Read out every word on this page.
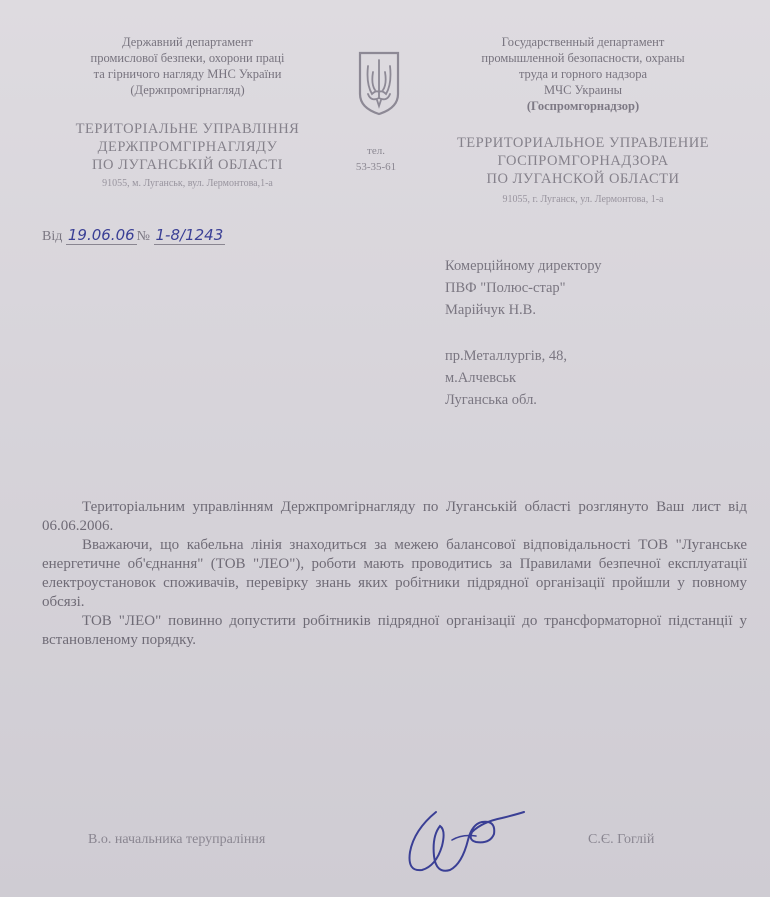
Державний департамент
промислової безпеки, охорони праці
та гірничого нагляду МНС України
(Держпромгірнагляд)
ТЕРИТОРІАЛЬНЕ УПРАВЛІННЯ
ДЕРЖПРОМГІРНАГЛЯДУ
ПО ЛУГАНСЬКІЙ ОБЛАСТІ
91055, м. Луганськ, вул. Лермонтова,1-а
тел.
53-35-61
Государственный департамент
промышленной безопасности, охраны
труда и горного надзора
МЧС Украины
(Госпромгорнадзор)
ТЕРРИТОРИАЛЬНОЕ УПРАВЛЕНИЕ
ГОСПРОМГОРНАДЗОРА
ПО ЛУГАНСКОЙ ОБЛАСТИ
91055, г. Луганск, ул. Лермонтова, 1-а
Від 19.06.06 № 1-8/1243
Комерційному директору
ПВФ "Полюс-стар"
Марійчук Н.В.
пр.Металлургів, 48,
м.Алчевськ
Луганська обл.

Територіальним управлінням Держпромгірнагляду по Луганській області розглянуто Ваш лист від 06.06.2006.

Вважаючи, що кабельна лінія знаходиться за межею балансової відповідальності ТОВ "Луганське енергетичне об'єднання" (ТОВ "ЛЕО"), роботи мають проводитись за Правилами безпечної експлуатації електроустановок споживачів, перевірку знань яких робітники підрядної організації пройшли у повному обсязі.

ТОВ "ЛЕО" повинно допустити робітників підрядної організації до трансформаторної підстанції у встановленому порядку.

В.о. начальника терупраління	С.Є. Гоглій
